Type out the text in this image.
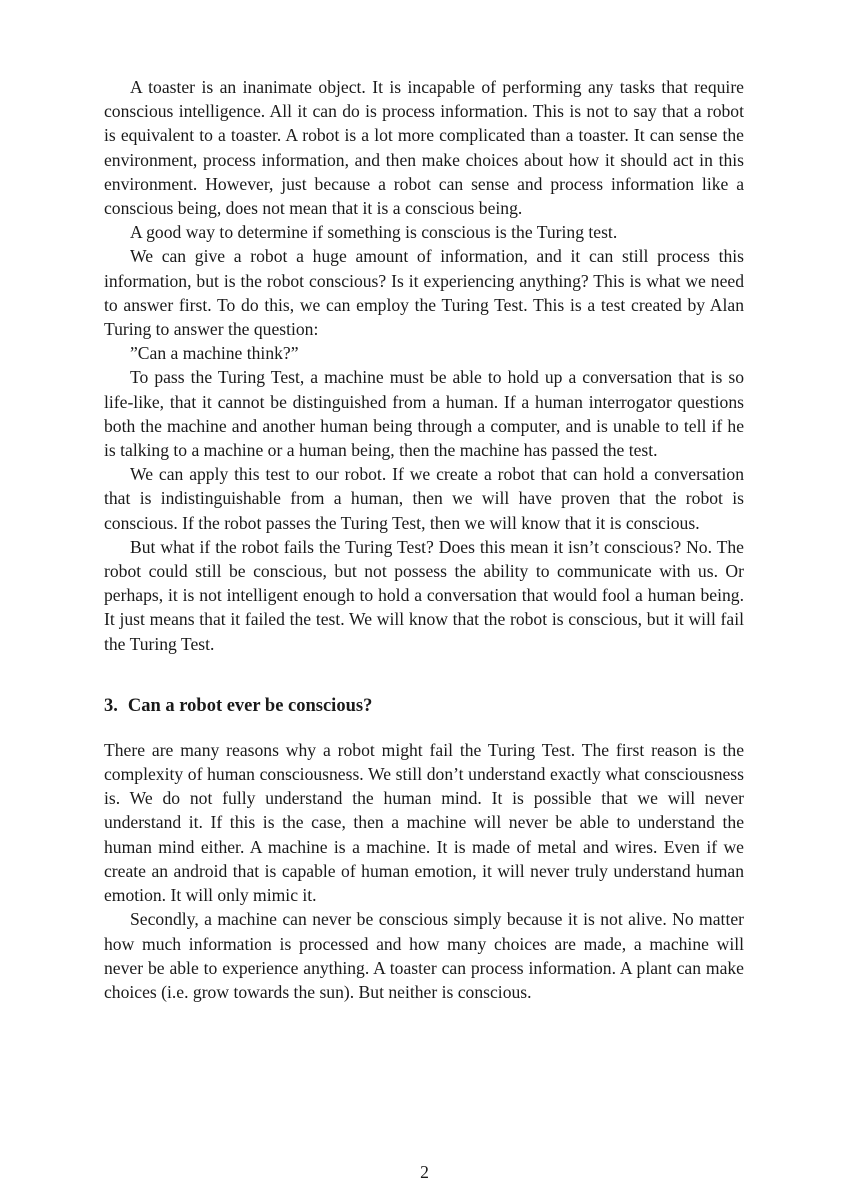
A toaster is an inanimate object. It is incapable of performing any tasks that require conscious intelligence. All it can do is process information. This is not to say that a robot is equivalent to a toaster. A robot is a lot more complicated than a toaster. It can sense the environment, process information, and then make choices about how it should act in this environment. However, just because a robot can sense and process information like a conscious being, does not mean that it is a conscious being.

A good way to determine if something is conscious is the Turing test.

We can give a robot a huge amount of information, and it can still process this information, but is the robot conscious? Is it experiencing anything? This is what we need to answer first. To do this, we can employ the Turing Test. This is a test created by Alan Turing to answer the question:

”Can a machine think?”

To pass the Turing Test, a machine must be able to hold up a conversation that is so life-like, that it cannot be distinguished from a human. If a human interrogator questions both the machine and another human being through a computer, and is unable to tell if he is talking to a machine or a human being, then the machine has passed the test.

We can apply this test to our robot. If we create a robot that can hold a conversation that is indistinguishable from a human, then we will have proven that the robot is conscious. If the robot passes the Turing Test, then we will know that it is conscious.

But what if the robot fails the Turing Test? Does this mean it isn’t conscious? No. The robot could still be conscious, but not possess the ability to communicate with us. Or perhaps, it is not intelligent enough to hold a conversation that would fool a human being. It just means that it failed the test. We will know that the robot is conscious, but it will fail the Turing Test.

3. Can a robot ever be conscious?

There are many reasons why a robot might fail the Turing Test. The first reason is the complexity of human consciousness. We still don’t understand exactly what consciousness is. We do not fully understand the human mind. It is possible that we will never understand it. If this is the case, then a machine will never be able to understand the human mind either. A machine is a machine. It is made of metal and wires. Even if we create an android that is capable of human emotion, it will never truly understand human emotion. It will only mimic it.

Secondly, a machine can never be conscious simply because it is not alive. No matter how much information is processed and how many choices are made, a machine will never be able to experience anything. A toaster can process information. A plant can make choices (i.e. grow towards the sun). But neither is conscious.

2
